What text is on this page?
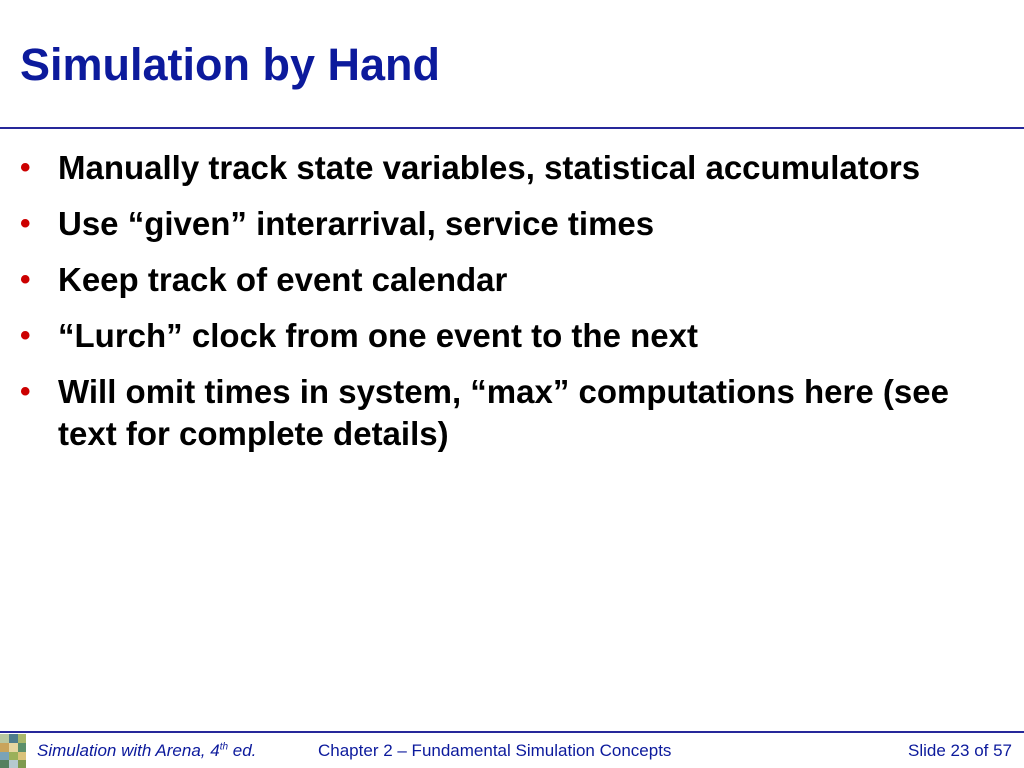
Simulation by Hand
• Manually track state variables, statistical accumulators
• Use “given” interarrival, service times
• Keep track of event calendar
• “Lurch” clock from one event to the next
• Will omit times in system, “max” computations here (see text for complete details)
Simulation with Arena, 4th ed.	Chapter 2 – Fundamental Simulation Concepts	Slide 23 of 57
